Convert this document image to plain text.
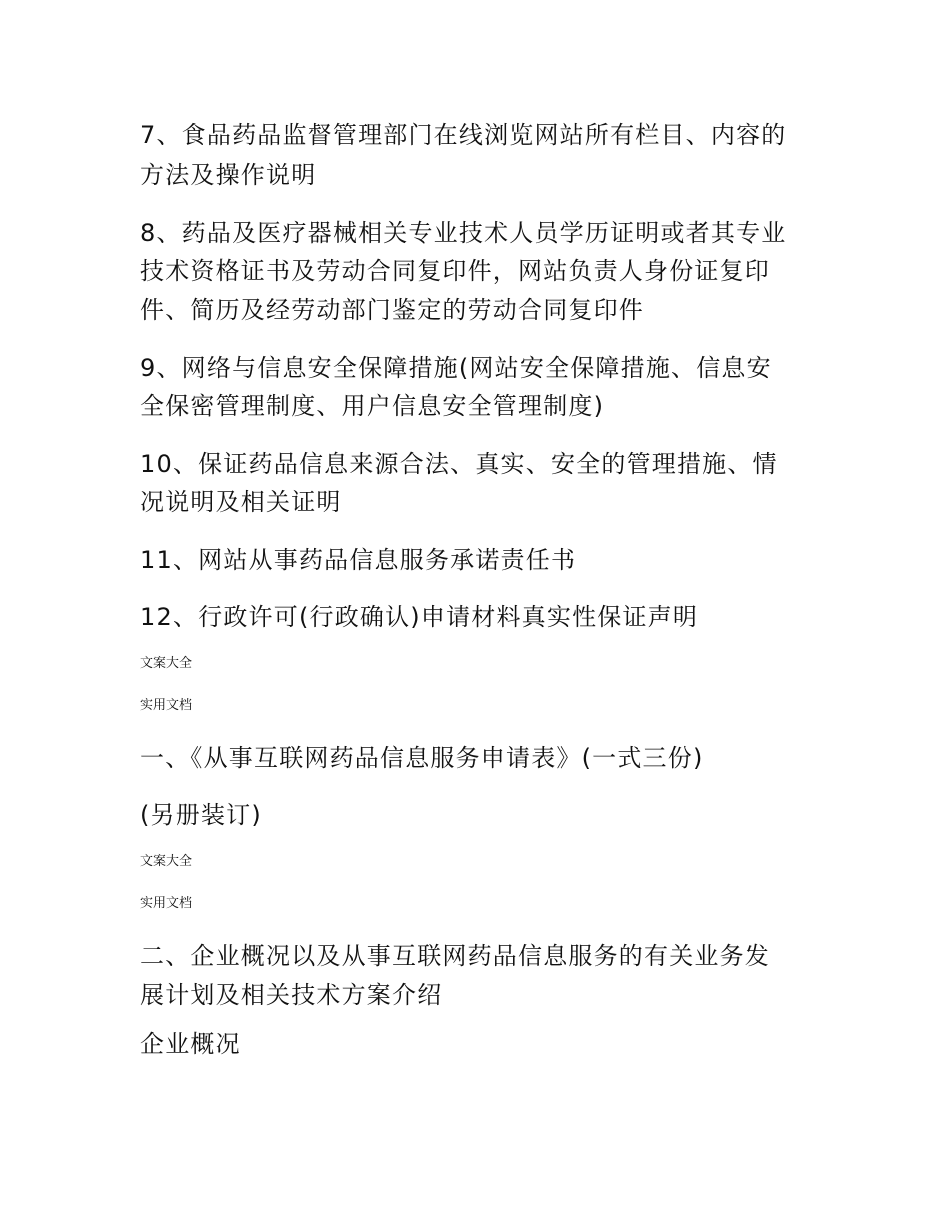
7、食品药品监督管理部门在线浏览网站所有栏目、内容的
方法及操作说明
8、药品及医疗器械相关专业技术人员学历证明或者其专业
技术资格证书及劳动合同复印件，网站负责人身份证复印
件、简历及经劳动部门鉴定的劳动合同复印件
9、网络与信息安全保障措施(网站安全保障措施、信息安
全保密管理制度、用户信息安全管理制度)
10、保证药品信息来源合法、真实、安全的管理措施、情
况说明及相关证明
11、网站从事药品信息服务承诺责任书
12、行政许可(行政确认)申请材料真实性保证声明
文案大全
实用文档
一、《从事互联网药品信息服务申请表》(一式三份)
(另册装订)
文案大全
实用文档
二、企业概况以及从事互联网药品信息服务的有关业务发
展计划及相关技术方案介绍
企业概况
